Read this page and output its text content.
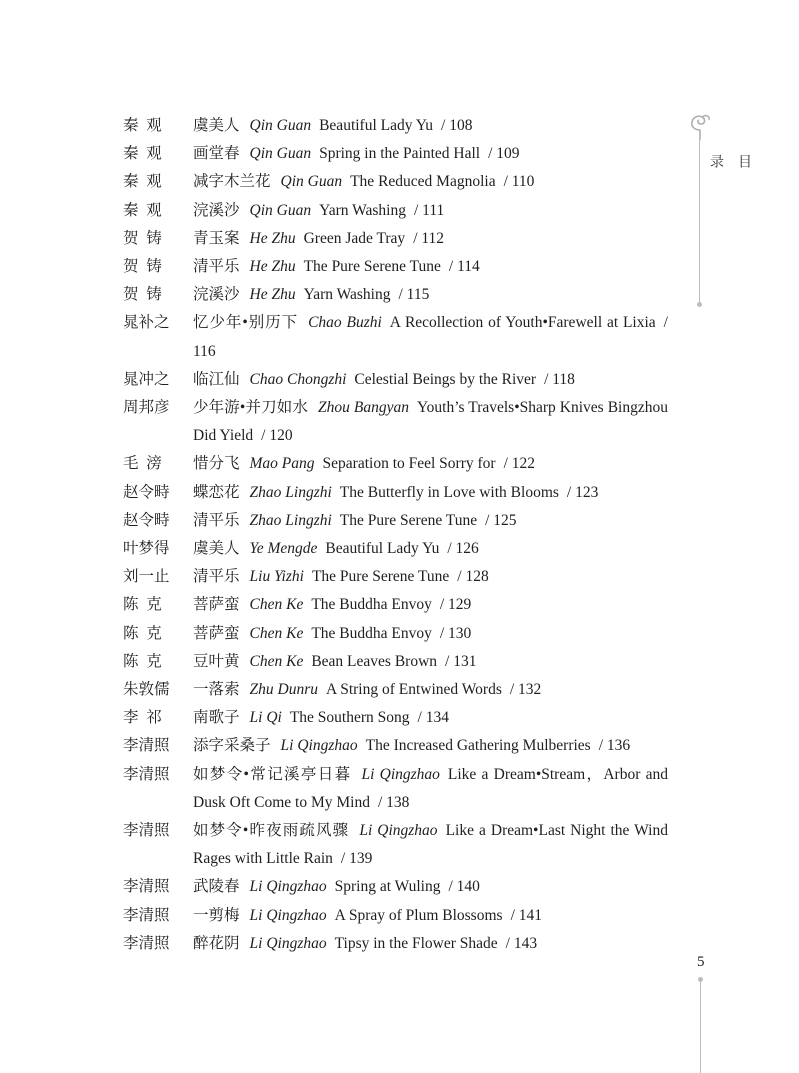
目 录
秦  观	虞美人 Qin Guan Beautiful Lady Yu / 108
秦  观	画堂春 Qin Guan Spring in the Painted Hall / 109
秦  观	减字木兰花 Qin Guan The Reduced Magnolia / 110
秦  观	浣溪沙 Qin Guan Yarn Washing / 111
贺  铸	青玉案 He Zhu Green Jade Tray / 112
贺  铸	清平乐 He Zhu The Pure Serene Tune / 114
贺  铸	浣溪沙 He Zhu Yarn Washing / 115
晁补之	忆少年•别历下 Chao Buzhi A Recollection of Youth•Farewell at Lixia / 116
晁冲之	临江仙 Chao Chongzhi Celestial Beings by the River / 118
周邦彦	少年游•并刀如水 Zhou Bangyan Youth’s Travels•Sharp Knives Bingzhou Did Yield / 120
毛  滂	惜分飞 Mao Pang Separation to Feel Sorry for / 122
赵令畤	蝶恋花 Zhao Lingzhi The Butterfly in Love with Blooms / 123
赵令畤	清平乐 Zhao Lingzhi The Pure Serene Tune / 125
叶梦得	虞美人 Ye Mengde Beautiful Lady Yu / 126
刘一止	清平乐 Liu Yizhi The Pure Serene Tune / 128
陈  克	菩萨蛮 Chen Ke The Buddha Envoy / 129
陈  克	菩萨蛮 Chen Ke The Buddha Envoy / 130
陈  克	豆叶黄 Chen Ke Bean Leaves Brown / 131
朱敦儒	一落索 Zhu Dunru A String of Entwined Words / 132
李  祁	南歌子 Li Qi The Southern Song / 134
李清照	添字采桑子 Li Qingzhao The Increased Gathering Mulberries / 136
李清照	如梦令•常记溪亭日暮 Li Qingzhao Like a Dream•Stream，Arbor and Dusk Oft Come to My Mind / 138
李清照	如梦令•昨夜雨疏风骤 Li Qingzhao Like a Dream•Last Night the Wind Rages with Little Rain / 139
李清照	武陵春 Li Qingzhao Spring at Wuling / 140
李清照	一剪梅 Li Qingzhao A Spray of Plum Blossoms / 141
李清照	醉花阴 Li Qingzhao Tipsy in the Flower Shade / 143
5
